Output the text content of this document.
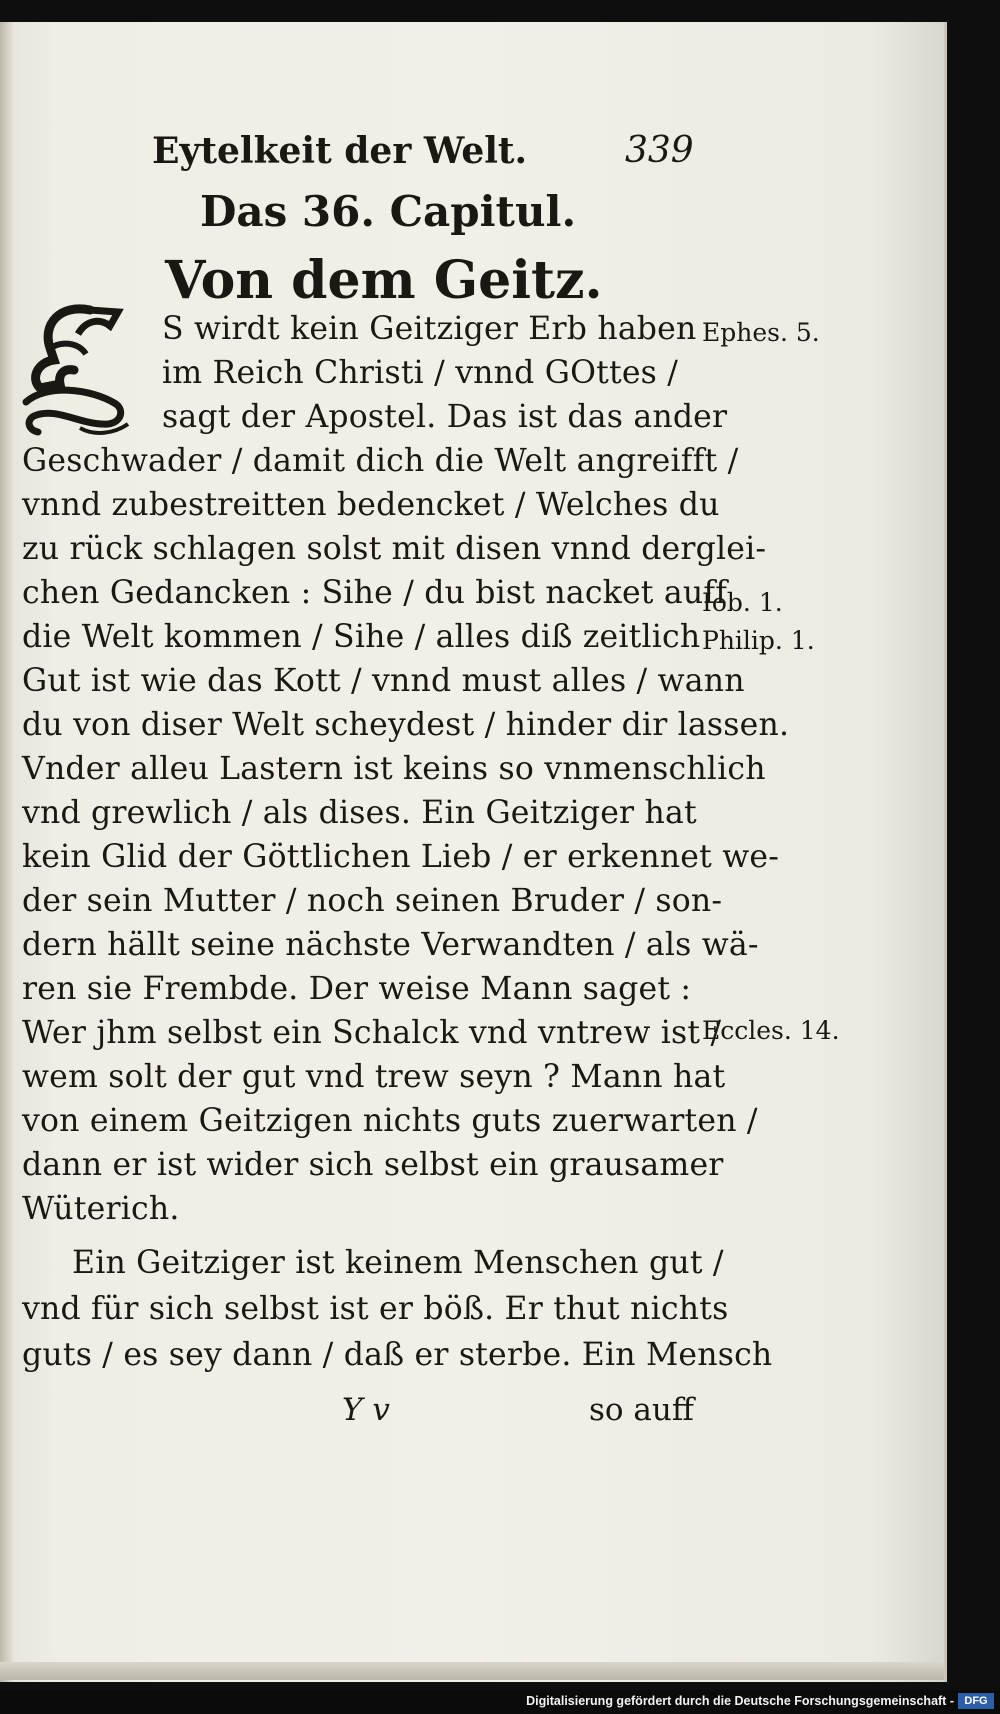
Eytelkeit der Welt.	339
Das 36. Capitul.
Von dem Geitz.
S wirdt kein Geitziger Erb haben
im Reich Christi / vnnd GOttes /
sagt der Apostel. Das ist das ander
Geschwader / damit dich die Welt angreifft /
vnnd zubestreitten bedencket / Welches du
zu rück schlagen solst mit disen vnnd derglei-
chen Gedancken : Sihe / du bist nacket auff
die Welt kommen / Sihe / alles diß zeitlich
Gut ist wie das Kott / vnnd must alles / wann
du von diser Welt scheydest / hinder dir lassen.
Vnder alleu Lastern ist keins so vnmenschlich
vnd grewlich / als dises. Ein Geitziger hat
kein Glid der Göttlichen Lieb / er erkennet we-
der sein Mutter / noch seinen Bruder / son-
dern hällt seine nächste Verwandten / als wä-
ren sie Frembde. Der weise Mann saget :
Wer jhm selbst ein Schalck vnd vntrew ist /
wem solt der gut vnd trew seyn ? Mann hat
von einem Geitzigen nichts guts zuerwarten /
dann er ist wider sich selbst ein grausamer
Wüterich.
Ein Geitziger ist keinem Menschen gut /
vnd für sich selbst ist er böß. Er thut nichts
guts / es sey dann / daß er sterbe. Ein Mensch
Ephes. 5.
Iob. 1.
Philip. 1.
Eccles. 14.
Y v	so auff
Digitalisierung gefördert durch die Deutsche Forschungsgemeinschaft - DFG
